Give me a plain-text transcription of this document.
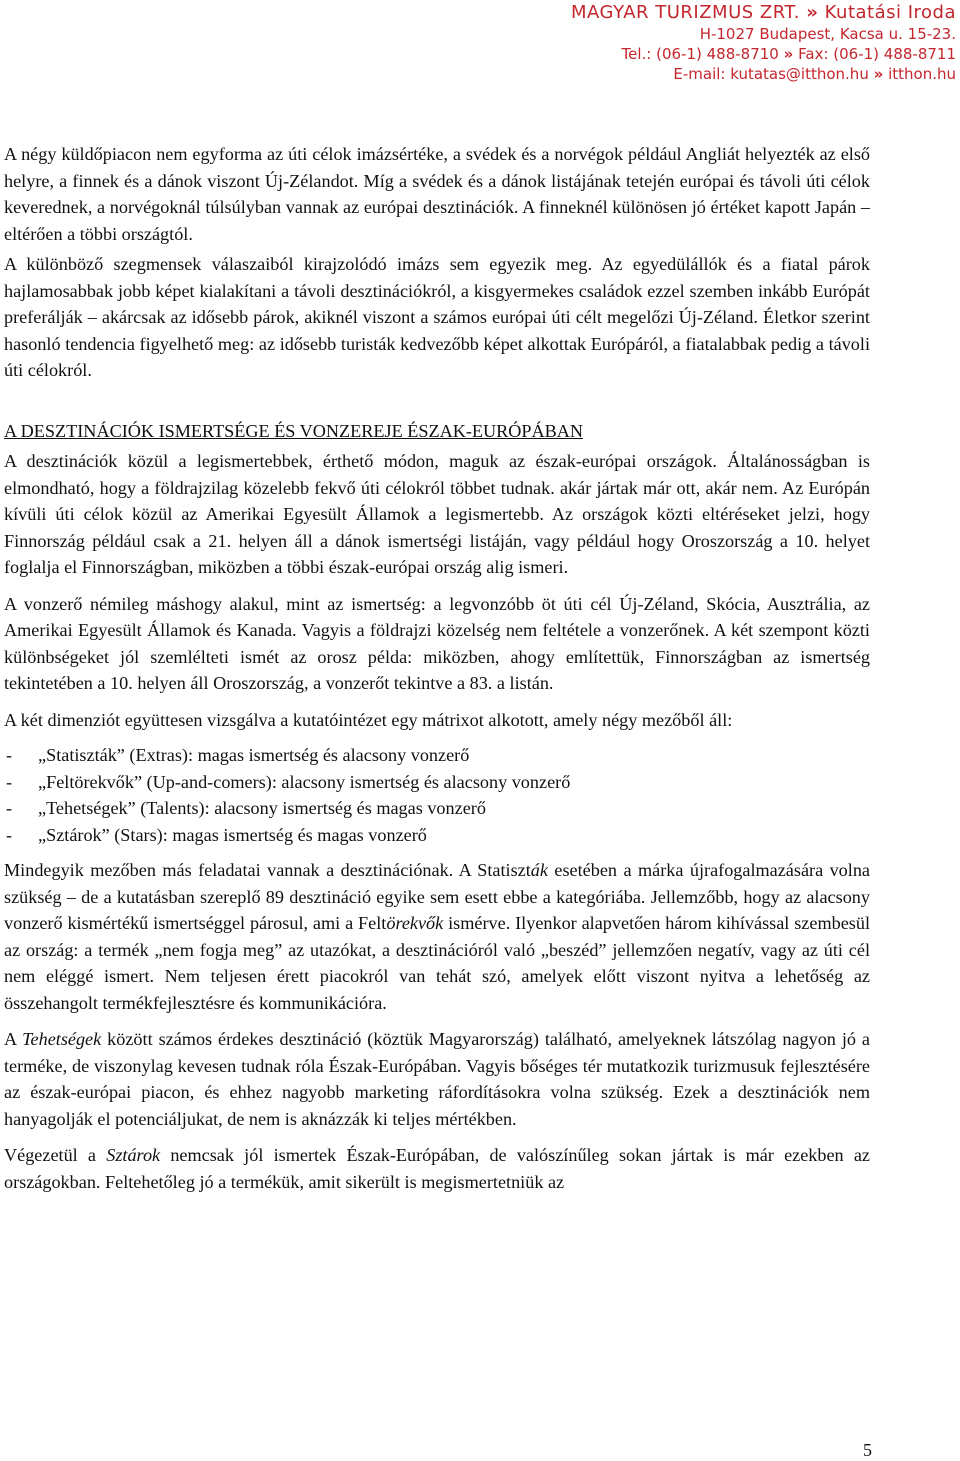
MAGYAR TURIZMUS ZRT. » Kutatási Iroda
H-1027 Budapest, Kacsa u. 15-23.
Tel.: (06-1) 488-8710 » Fax: (06-1) 488-8711
E-mail: kutatas@itthon.hu » itthon.hu

A négy küldőpiacon nem egyforma az úti célok imázsértéke, a svédek és a norvégok például Angliát helyezték az első helyre, a finnek és a dánok viszont Új-Zélandot. Míg a svédek és a dánok listájának tetején európai és távoli úti célok keverednek, a norvégoknál túlsúlyban vannak az európai desztinációk. A finneknél különösen jó értéket kapott Japán – eltérően a többi országtól.

A különböző szegmensek válaszaiból kirajzolódó imázs sem egyezik meg. Az egyedülállók és a fiatal párok hajlamosabbak jobb képet kialakítani a távoli desztinációkról, a kisgyermekes családok ezzel szemben inkább Európát preferálják – akárcsak az idősebb párok, akiknél viszont a számos európai úti célt megelőzi Új-Zéland. Életkor szerint hasonló tendencia figyelhető meg: az idősebb turisták kedvezőbb képet alkottak Európáról, a fiatalabbak pedig a távoli úti célokról.

A DESZTINÁCIÓK ISMERTSÉGE ÉS VONZEREJE ÉSZAK-EURÓPÁBAN

A desztinációk közül a legismertebbek, érthető módon, maguk az észak-európai országok. Általánosságban is elmondható, hogy a földrajzilag közelebb fekvő úti célokról többet tudnak. akár jártak már ott, akár nem. Az Európán kívüli úti célok közül az Amerikai Egyesült Államok a legismertebb. Az országok közti eltéréseket jelzi, hogy Finnország például csak a 21. helyen áll a dánok ismertségi listáján, vagy például hogy Oroszország a 10. helyet foglalja el Finnországban, miközben a többi észak-európai ország alig ismeri.

A vonzerő némileg máshogy alakul, mint az ismertség: a legvonzóbb öt úti cél Új-Zéland, Skócia, Ausztrália, az Amerikai Egyesült Államok és Kanada. Vagyis a földrajzi közelség nem feltétele a vonzerőnek. A két szempont közti különbségeket jól szemlélteti ismét az orosz példa: miközben, ahogy említettük, Finnországban az ismertség tekintetében a 10. helyen áll Oroszország, a vonzerőt tekintve a 83. a listán.

A két dimenziót együttesen vizsgálva a kutatóintézet egy mátrixot alkotott, amely négy mezőből áll:

- „Statiszták” (Extras): magas ismertség és alacsony vonzerő
- „Feltörekvők” (Up-and-comers): alacsony ismertség és alacsony vonzerő
- „Tehetségek” (Talents): alacsony ismertség és magas vonzerő
- „Sztárok” (Stars): magas ismertség és magas vonzerő

Mindegyik mezőben más feladatai vannak a desztinációnak. A Statiszták esetében a márka újrafogalmazására volna szükség – de a kutatásban szereplő 89 desztináció egyike sem esett ebbe a kategóriába. Jellemzőbb, hogy az alacsony vonzerő kismértékű ismertséggel párosul, ami a Feltörekvők ismérve. Ilyenkor alapvetően három kihívással szembesül az ország: a termék „nem fogja meg” az utazókat, a desztinációról való „beszéd” jellemzően negatív, vagy az úti cél nem eléggé ismert. Nem teljesen érett piacokról van tehát szó, amelyek előtt viszont nyitva a lehetőség az összehangolt termékfejlesztésre és kommunikációra.

A Tehetségek között számos érdekes desztináció (köztük Magyarország) található, amelyeknek látszólag nagyon jó a terméke, de viszonylag kevesen tudnak róla Észak-Európában. Vagyis bőséges tér mutatkozik turizmusuk fejlesztésére az észak-európai piacon, és ehhez nagyobb marketing ráfordításokra volna szükség. Ezek a desztinációk nem hanyagolják el potenciáljukat, de nem is aknázzák ki teljes mértékben.

Végezetül a Sztárok nemcsak jól ismertek Észak-Európában, de valószínűleg sokan jártak is már ezekben az országokban. Feltehetőleg jó a termékük, amit sikerült is megismertetniük az

5
